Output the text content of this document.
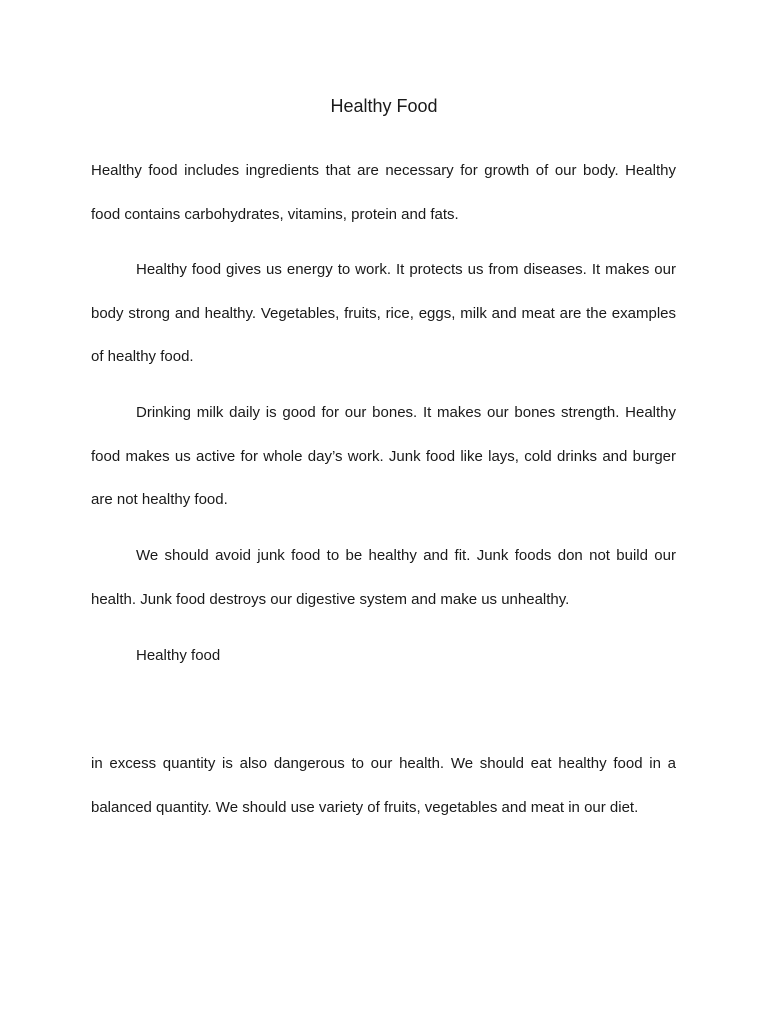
Healthy Food

Healthy food includes ingredients that are necessary for growth of our body. Healthy food contains carbohydrates, vitamins, protein and fats.

Healthy food gives us energy to work. It protects us from diseases. It makes our body strong and healthy. Vegetables, fruits, rice, eggs, milk and meat are the examples of healthy food.

Drinking milk daily is good for our bones. It makes our bones strength. Healthy food makes us active for whole day’s work. Junk food like lays, cold drinks and burger are not healthy food.

We should avoid junk food to be healthy and fit. Junk foods don not build our health. Junk food destroys our digestive system and make us unhealthy.

Healthy food

in excess quantity is also dangerous to our health. We should eat healthy food in a balanced quantity. We should use variety of fruits, vegetables and meat in our diet.
